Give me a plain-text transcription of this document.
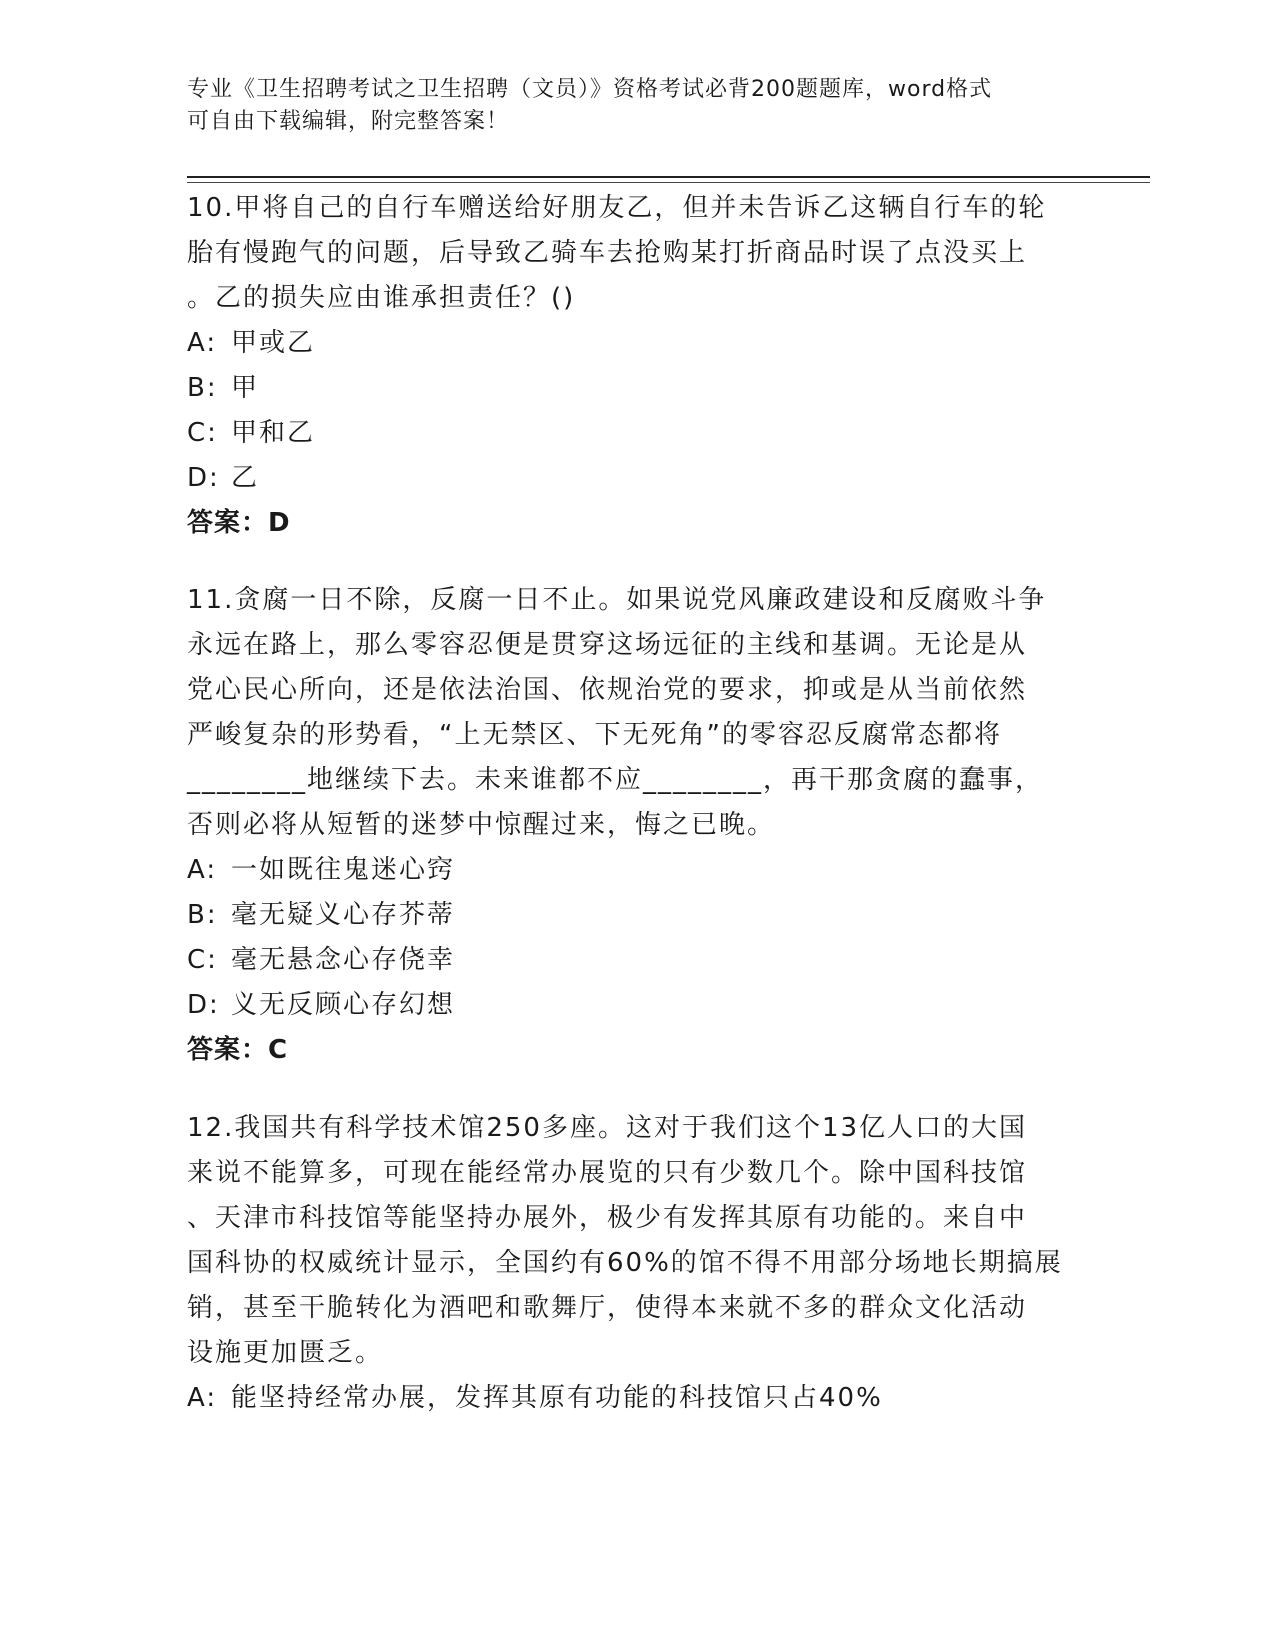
专业《卫生招聘考试之卫生招聘（文员）》资格考试必背200题题库，word格式
可自由下载编辑，附完整答案！

10.甲将自己的自行车赠送给好朋友乙，但并未告诉乙这辆自行车的轮

胎有慢跑气的问题，后导致乙骑车去抢购某打折商品时误了点没买上

。乙的损失应由谁承担责任？()

A: 甲或乙

B: 甲

C: 甲和乙

D: 乙

答案：D

11.贪腐一日不除，反腐一日不止。如果说党风廉政建设和反腐败斗争

永远在路上，那么零容忍便是贯穿这场远征的主线和基调。无论是从

党心民心所向，还是依法治国、依规治党的要求，抑或是从当前依然

严峻复杂的形势看，“上无禁区、下无死角”的零容忍反腐常态都将

________地继续下去。未来谁都不应________，再干那贪腐的蠢事，

否则必将从短暂的迷梦中惊醒过来，悔之已晚。

A: 一如既往鬼迷心窍

B: 毫无疑义心存芥蒂

C: 毫无悬念心存侥幸

D: 义无反顾心存幻想

答案：C

12.我国共有科学技术馆250多座。这对于我们这个13亿人口的大国

来说不能算多，可现在能经常办展览的只有少数几个。除中国科技馆

、天津市科技馆等能坚持办展外，极少有发挥其原有功能的。来自中

国科协的权威统计显示，全国约有60%的馆不得不用部分场地长期搞展

销，甚至干脆转化为酒吧和歌舞厅，使得本来就不多的群众文化活动

设施更加匮乏。

A: 能坚持经常办展，发挥其原有功能的科技馆只占40%
